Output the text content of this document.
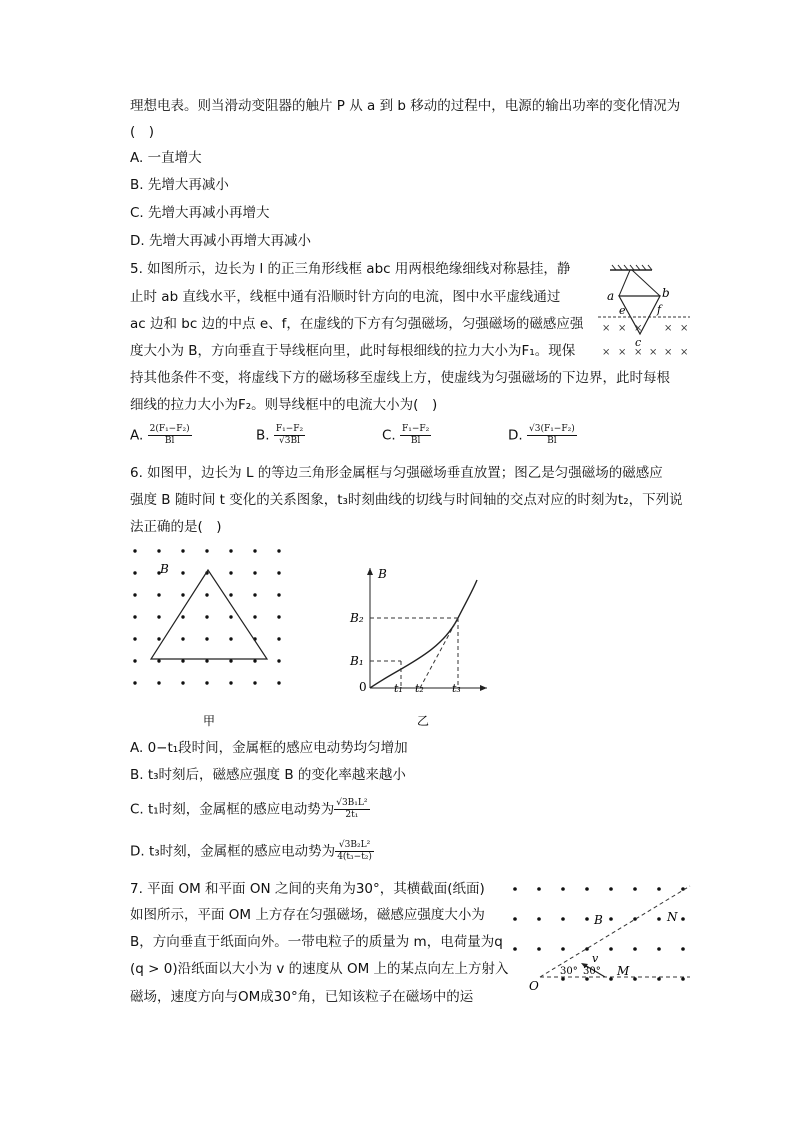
理想电表。则当滑动变阻器的触片 P 从 a 到 b 移动的过程中，电源的输出功率的变化情况为
(　)
A. 一直增大
B. 先增大再减小
C. 先增大再减小再增大
D. 先增大再减小再增大再减小
5. 如图所示，边长为 l 的正三角形线框 abc 用两根绝缘细线对称悬挂，静
止时 ab 直线水平，线框中通有沿顺时针方向的电流，图中水平虚线通过
ac 边和 bc 边的中点 e、f，在虚线的下方有匀强磁场，匀强磁场的磁感应强
度大小为 B，方向垂直于导线框向里，此时每根细线的拉力大小为F₁。现保
持其他条件不变，将虚线下方的磁场移至虚线上方，使虚线为匀强磁场的下边界，此时每根
细线的拉力大小为F₂。则导线框中的电流大小为(　)
A. $\frac{\text{2(F₁−F₂)}}{Bl}$	B. $\frac{\text{F₁−F₂}}{√3Bl}$	C. $\frac{\text{F₁−F₂}}{Bl}$	D. $\frac{\text{√3(F₁−F₂)}}{Bl}$
a	b
e	f
c
× × × × ×
× × × × × ×
6. 如图甲，边长为 L 的等边三角形金属框与匀强磁场垂直放置；图乙是匀强磁场的磁感应
强度 B 随时间 t 变化的关系图象，t₃时刻曲线的切线与时间轴的交点对应的时刻为t₂，下列说
法正确的是(　)
B
甲
B
B₂
B₁
0 t₁ t₂	t₃
乙
A. 0−t₁段时间，金属框的感应电动势均匀增加
B. t₃时刻后，磁感应强度 B 的变化率越来越小
C. t₁时刻，金属框的感应电动势为 $\frac{\text{√3B₁L²}}{\text{2t₁}}$
D. t₃时刻，金属框的感应电动势为 $\frac{\text{√3B₂L²}}{\text{4(t₃−t₂)}}$
7. 平面 OM 和平面 ON 之间的夹角为30°，其横截面(纸面)
如图所示，平面 OM 上方存在匀强磁场，磁感应强度大小为
B，方向垂直于纸面向外。一带电粒子的质量为 m，电荷量为q
(q > 0)沿纸面以大小为 v 的速度从 OM 上的某点向左上方射入
磁场，速度方向与OM成30°角，已知该粒子在磁场中的运
B	N
v
30° 30°
O
M
